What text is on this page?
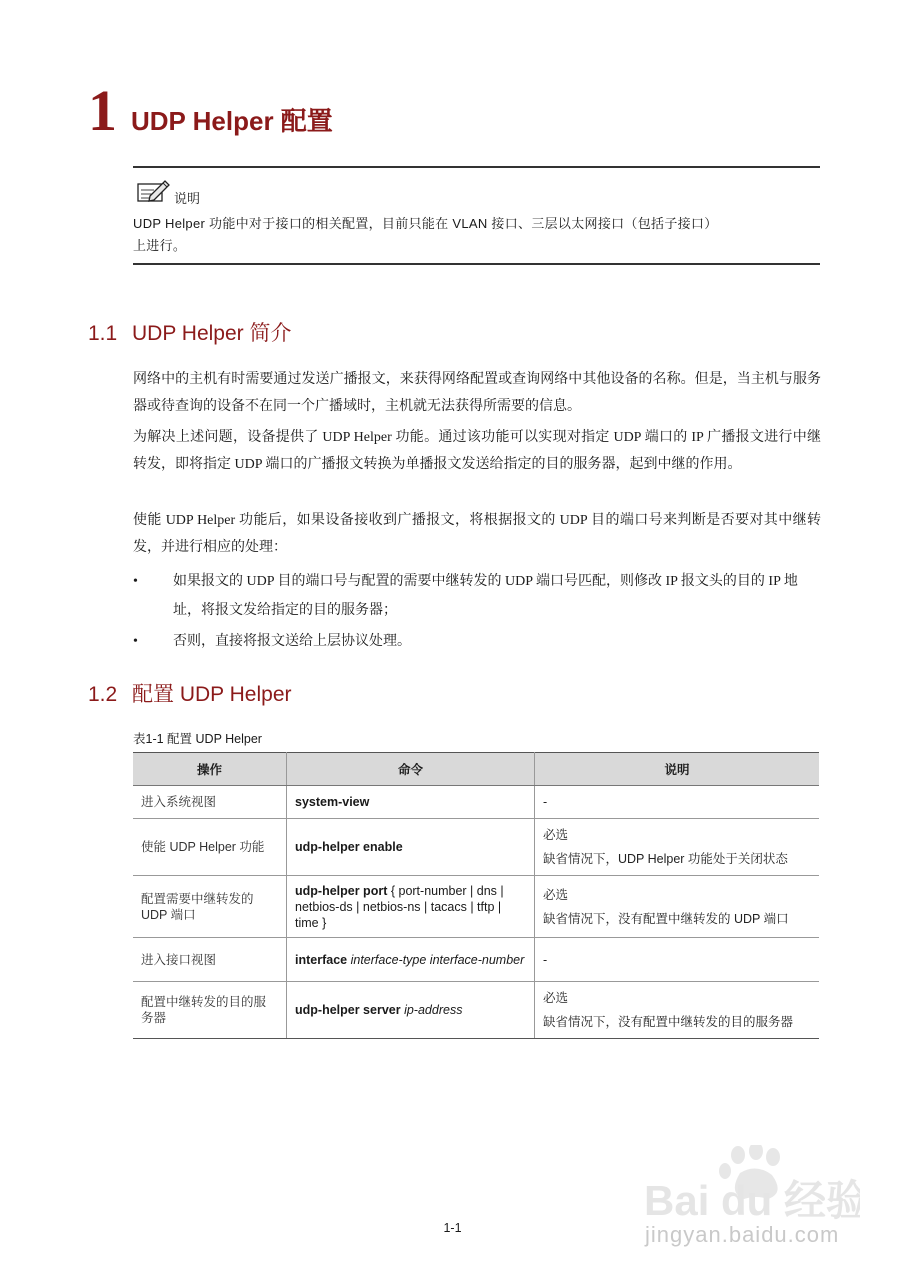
1 UDP Helper 配置
说明
UDP Helper 功能中对于接口的相关配置，目前只能在 VLAN 接口、三层以太网接口（包括子接口）
上进行。
1.1 UDP Helper 简介
网络中的主机有时需要通过发送广播报文，来获得网络配置或查询网络中其他设备的名称。但是，当主机与服务器或待查询的设备不在同一个广播域时，主机就无法获得所需要的信息。
为解决上述问题，设备提供了 UDP Helper 功能。通过该功能可以实现对指定 UDP 端口的 IP 广播报文进行中继转发，即将指定 UDP 端口的广播报文转换为单播报文发送给指定的目的服务器，起到中继的作用。
使能 UDP Helper 功能后，如果设备接收到广播报文，将根据报文的 UDP 目的端口号来判断是否要对其中继转发，并进行相应的处理：
•	如果报文的 UDP 目的端口号与配置的需要中继转发的 UDP 端口号匹配，则修改 IP 报文头的目的 IP 地址，将报文发给指定的目的服务器；
•	否则，直接将报文送给上层协议处理。
1.2 配置 UDP Helper
表1-1 配置 UDP Helper
操作	命令	说明
进入系统视图	system-view	-

使能 UDP Helper 功能	udp-helper enable	必选
缺省情况下，UDP Helper 功能处于关闭状态

配置需要中继转发的 UDP 端口	udp-helper port { port-number | dns | netbios-ds | netbios-ns | tacacs | tftp | time }	必选
缺省情况下，没有配置中继转发的 UDP 端口

进入接口视图	interface interface-type interface-number	-

配置中继转发的目的服务器	udp-helper server ip-address	必选
缺省情况下，没有配置中继转发的目的服务器
Bai du 经验
jingyan.baidu.com
1-1
